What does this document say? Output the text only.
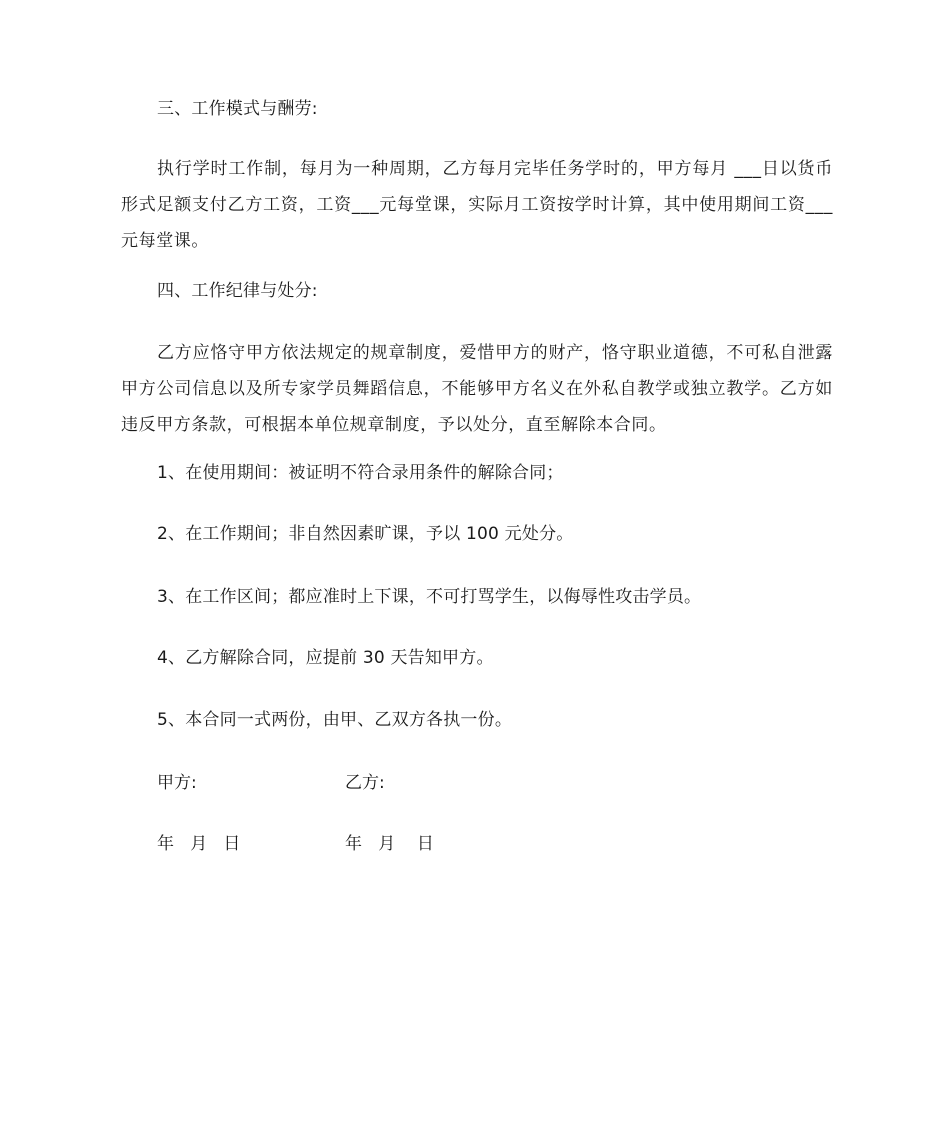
三、工作模式与酬劳:
执行学时工作制，每月为一种周期，乙方每月完毕任务学时的，甲方每月 ___日以货币形式足额支付乙方工资，工资___元每堂课，实际月工资按学时计算，其中使用期间工资___元每堂课。
四、工作纪律与处分:
乙方应恪守甲方依法规定的规章制度，爱惜甲方的财产，恪守职业道德，不可私自泄露甲方公司信息以及所专家学员舞蹈信息，不能够甲方名义在外私自教学或独立教学。乙方如违反甲方条款，可根据本单位规章制度，予以处分，直至解除本合同。
1、在使用期间：被证明不符合录用条件的解除合同；
2、在工作期间；非自然因素旷课，予以 100 元处分。
3、在工作区间；都应准时上下课，不可打骂学生，以侮辱性攻击学员。
4、乙方解除合同，应提前 30 天告知甲方。
5、本合同一式两份，由甲、乙双方各执一份。
甲方:	乙方:
年   月   日	年   月    日
